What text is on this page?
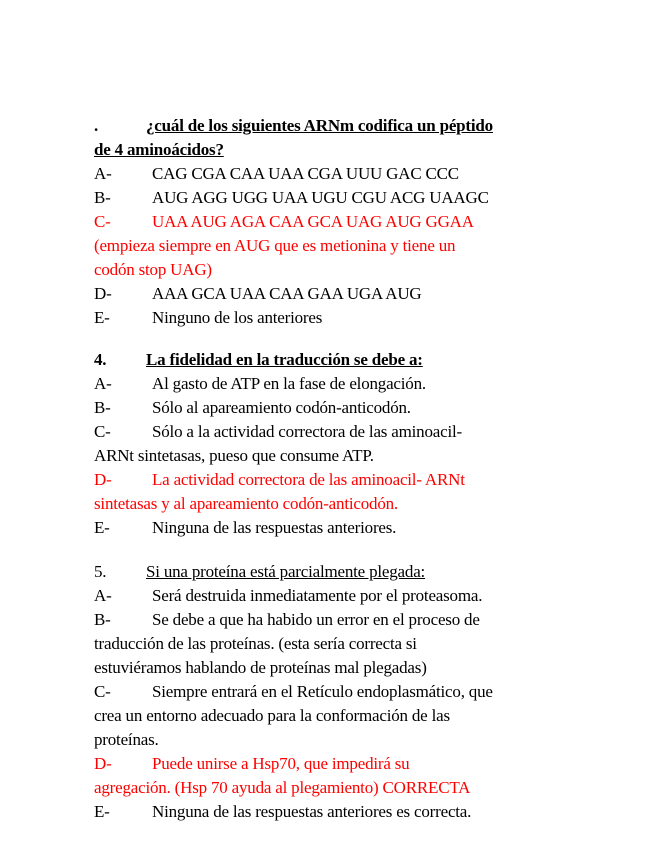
.	¿cuál de los siguientes ARNm codifica un péptido
de 4 aminoácidos?
A- CAG CGA CAA UAA CGA UUU GAC CCC
B- AUG AGG UGG UAA UGU CGU ACG UAAGC
C- UAA AUG AGA CAA GCA UAG AUG GGAA
(empieza siempre en AUG que es metionina y tiene un
codón stop UAG)
D- AAA GCA UAA CAA GAA UGA AUG
E- Ninguno de los anteriores
4. La fidelidad en la traducción se debe a:
A- Al gasto de ATP en la fase de elongación.
B- Sólo al apareamiento codón-anticodón.
C- Sólo a la actividad correctora de las aminoacil-
ARNt sintetasas, pueso que consume ATP.
D- La actividad correctora de las aminoacil- ARNt
sintetasas y al apareamiento codón-anticodón.
E- Ninguna de las respuestas anteriores.
5. Si una proteína está parcialmente plegada:
A- Será destruida inmediatamente por el proteasoma.
B- Se debe a que ha habido un error en el proceso de
traducción de las proteínas. (esta sería correcta si
estuviéramos hablando de proteínas mal plegadas)
C- Siempre entrará en el Retículo endoplasmático, que
crea un entorno adecuado para la conformación de las
proteínas.
D- Puede unirse a Hsp70, que impedirá su
agregación. (Hsp 70 ayuda al plegamiento) CORRECTA
E- Ninguna de las respuestas anteriores es correcta.
